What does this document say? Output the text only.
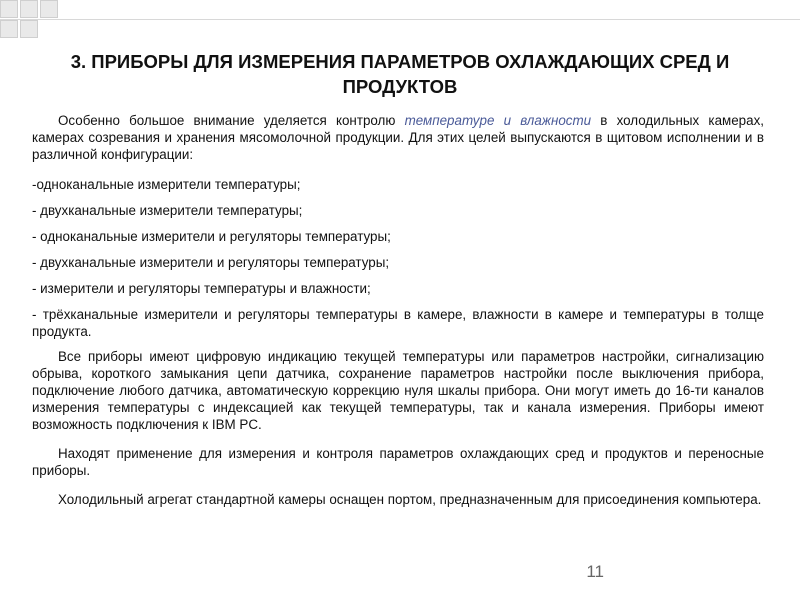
3. ПРИБОРЫ ДЛЯ ИЗМЕРЕНИЯ ПАРАМЕТРОВ ОХЛАЖДАЮЩИХ СРЕД И ПРОДУКТОВ
Особенно большое внимание уделяется контролю температуре и влажности в холодильных камерах, камерах созревания и хранения мясомолочной продукции. Для этих целей выпускаются в щитовом исполнении и в различной конфигурации:
-одноканальные измерители температуры;
- двухканальные измерители температуры;
- одноканальные измерители и регуляторы температуры;
- двухканальные измерители и регуляторы температуры;
- измерители и регуляторы температуры и влажности;
- трёхканальные измерители и регуляторы температуры в камере, влажности в камере и температуры в толще продукта.
Все приборы имеют цифровую индикацию текущей температуры или параметров настройки, сигнализацию обрыва, короткого замыкания цепи датчика, сохранение параметров настройки после выключения прибора, подключение любого датчика, автоматическую коррекцию нуля шкалы прибора. Они могут иметь до 16-ти каналов измерения температуры с индексацией как текущей температуры, так и канала измерения. Приборы имеют возможность подключения к IBM PC.
Находят применение для измерения и контроля параметров охлаждающих сред и продуктов и переносные приборы.
Холодильный агрегат стандартной камеры оснащен портом, предназначенным для присоединения компьютера.
11
